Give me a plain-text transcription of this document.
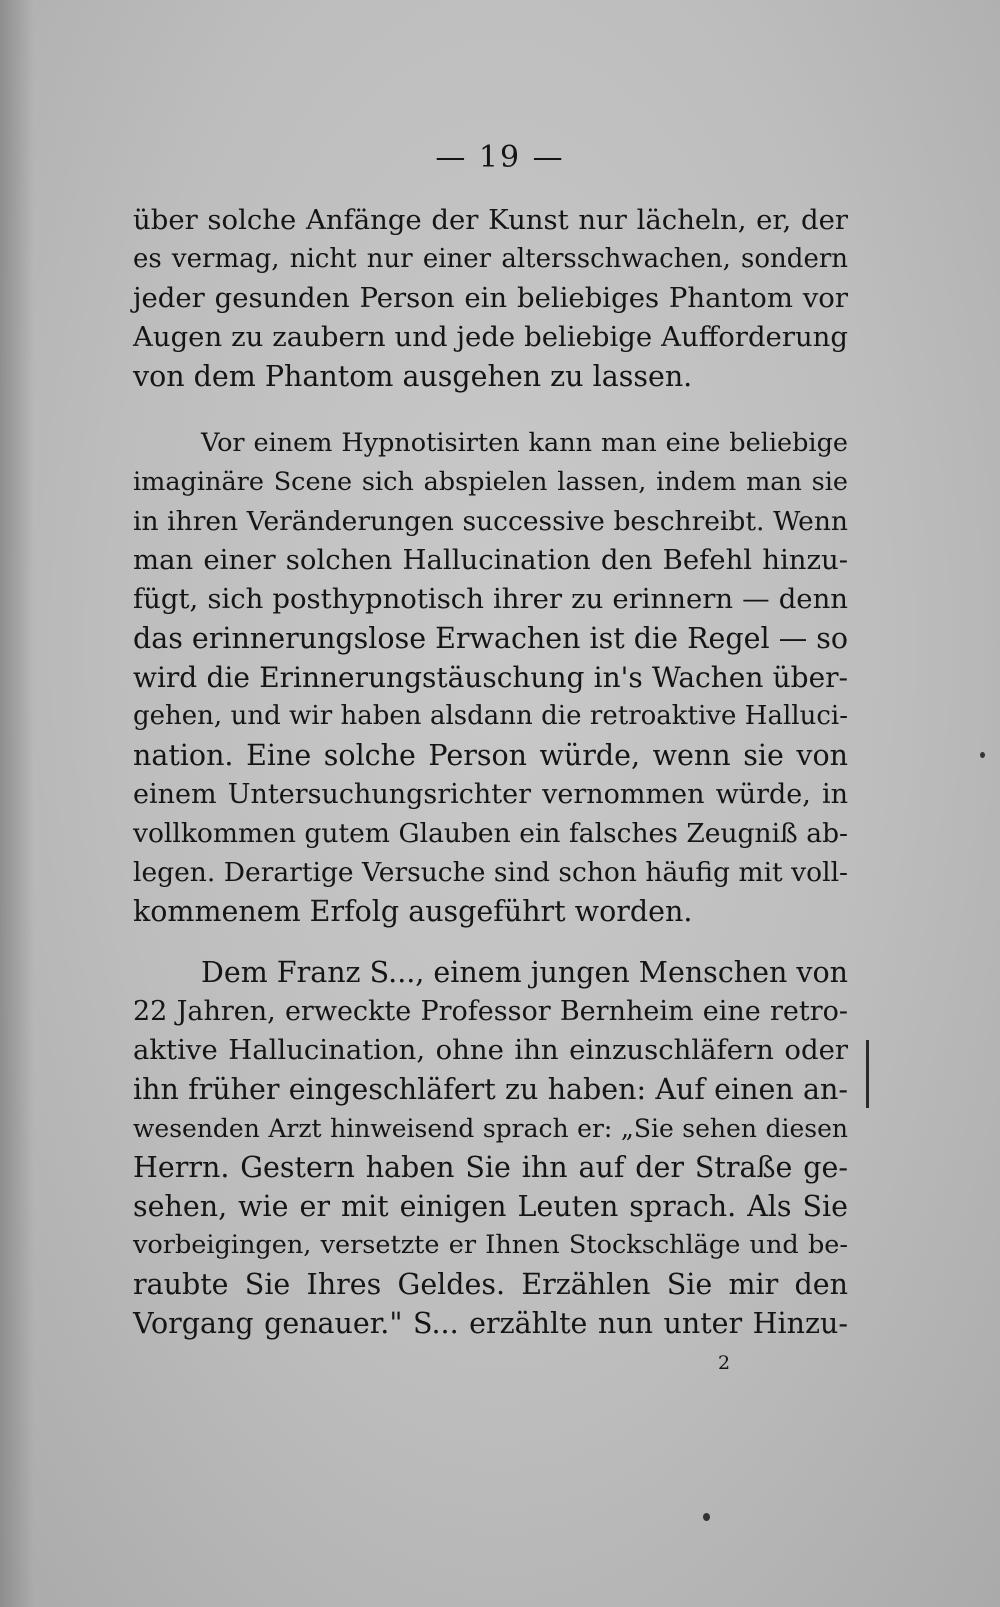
— 19 —
über solche Anfänge der Kunst nur lächeln, er, der
es vermag, nicht nur einer altersschwachen, sondern
jeder gesunden Person ein beliebiges Phantom vor
Augen zu zaubern und jede beliebige Aufforderung
von dem Phantom ausgehen zu lassen.
Vor einem Hypnotisirten kann man eine beliebige
imaginäre Scene sich abspielen lassen, indem man sie
in ihren Veränderungen successive beschreibt. Wenn
man einer solchen Hallucination den Befehl hinzu-
fügt, sich posthypnotisch ihrer zu erinnern — denn
das erinnerungslose Erwachen ist die Regel — so
wird die Erinnerungstäuschung in's Wachen über-
gehen, und wir haben alsdann die retroaktive Halluci-
nation. Eine solche Person würde, wenn sie von
einem Untersuchungsrichter vernommen würde, in
vollkommen gutem Glauben ein falsches Zeugniß ab-
legen. Derartige Versuche sind schon häufig mit voll-
kommenem Erfolg ausgeführt worden.
Dem Franz S..., einem jungen Menschen von
22 Jahren, erweckte Professor Bernheim eine retro-
aktive Hallucination, ohne ihn einzuschläfern oder
ihn früher eingeschläfert zu haben: Auf einen an-
wesenden Arzt hinweisend sprach er: „Sie sehen diesen
Herrn. Gestern haben Sie ihn auf der Straße ge-
sehen, wie er mit einigen Leuten sprach. Als Sie
vorbeigingen, versetzte er Ihnen Stockschläge und be-
raubte Sie Ihres Geldes. Erzählen Sie mir den
Vorgang genauer." S... erzählte nun unter Hinzu-
2
